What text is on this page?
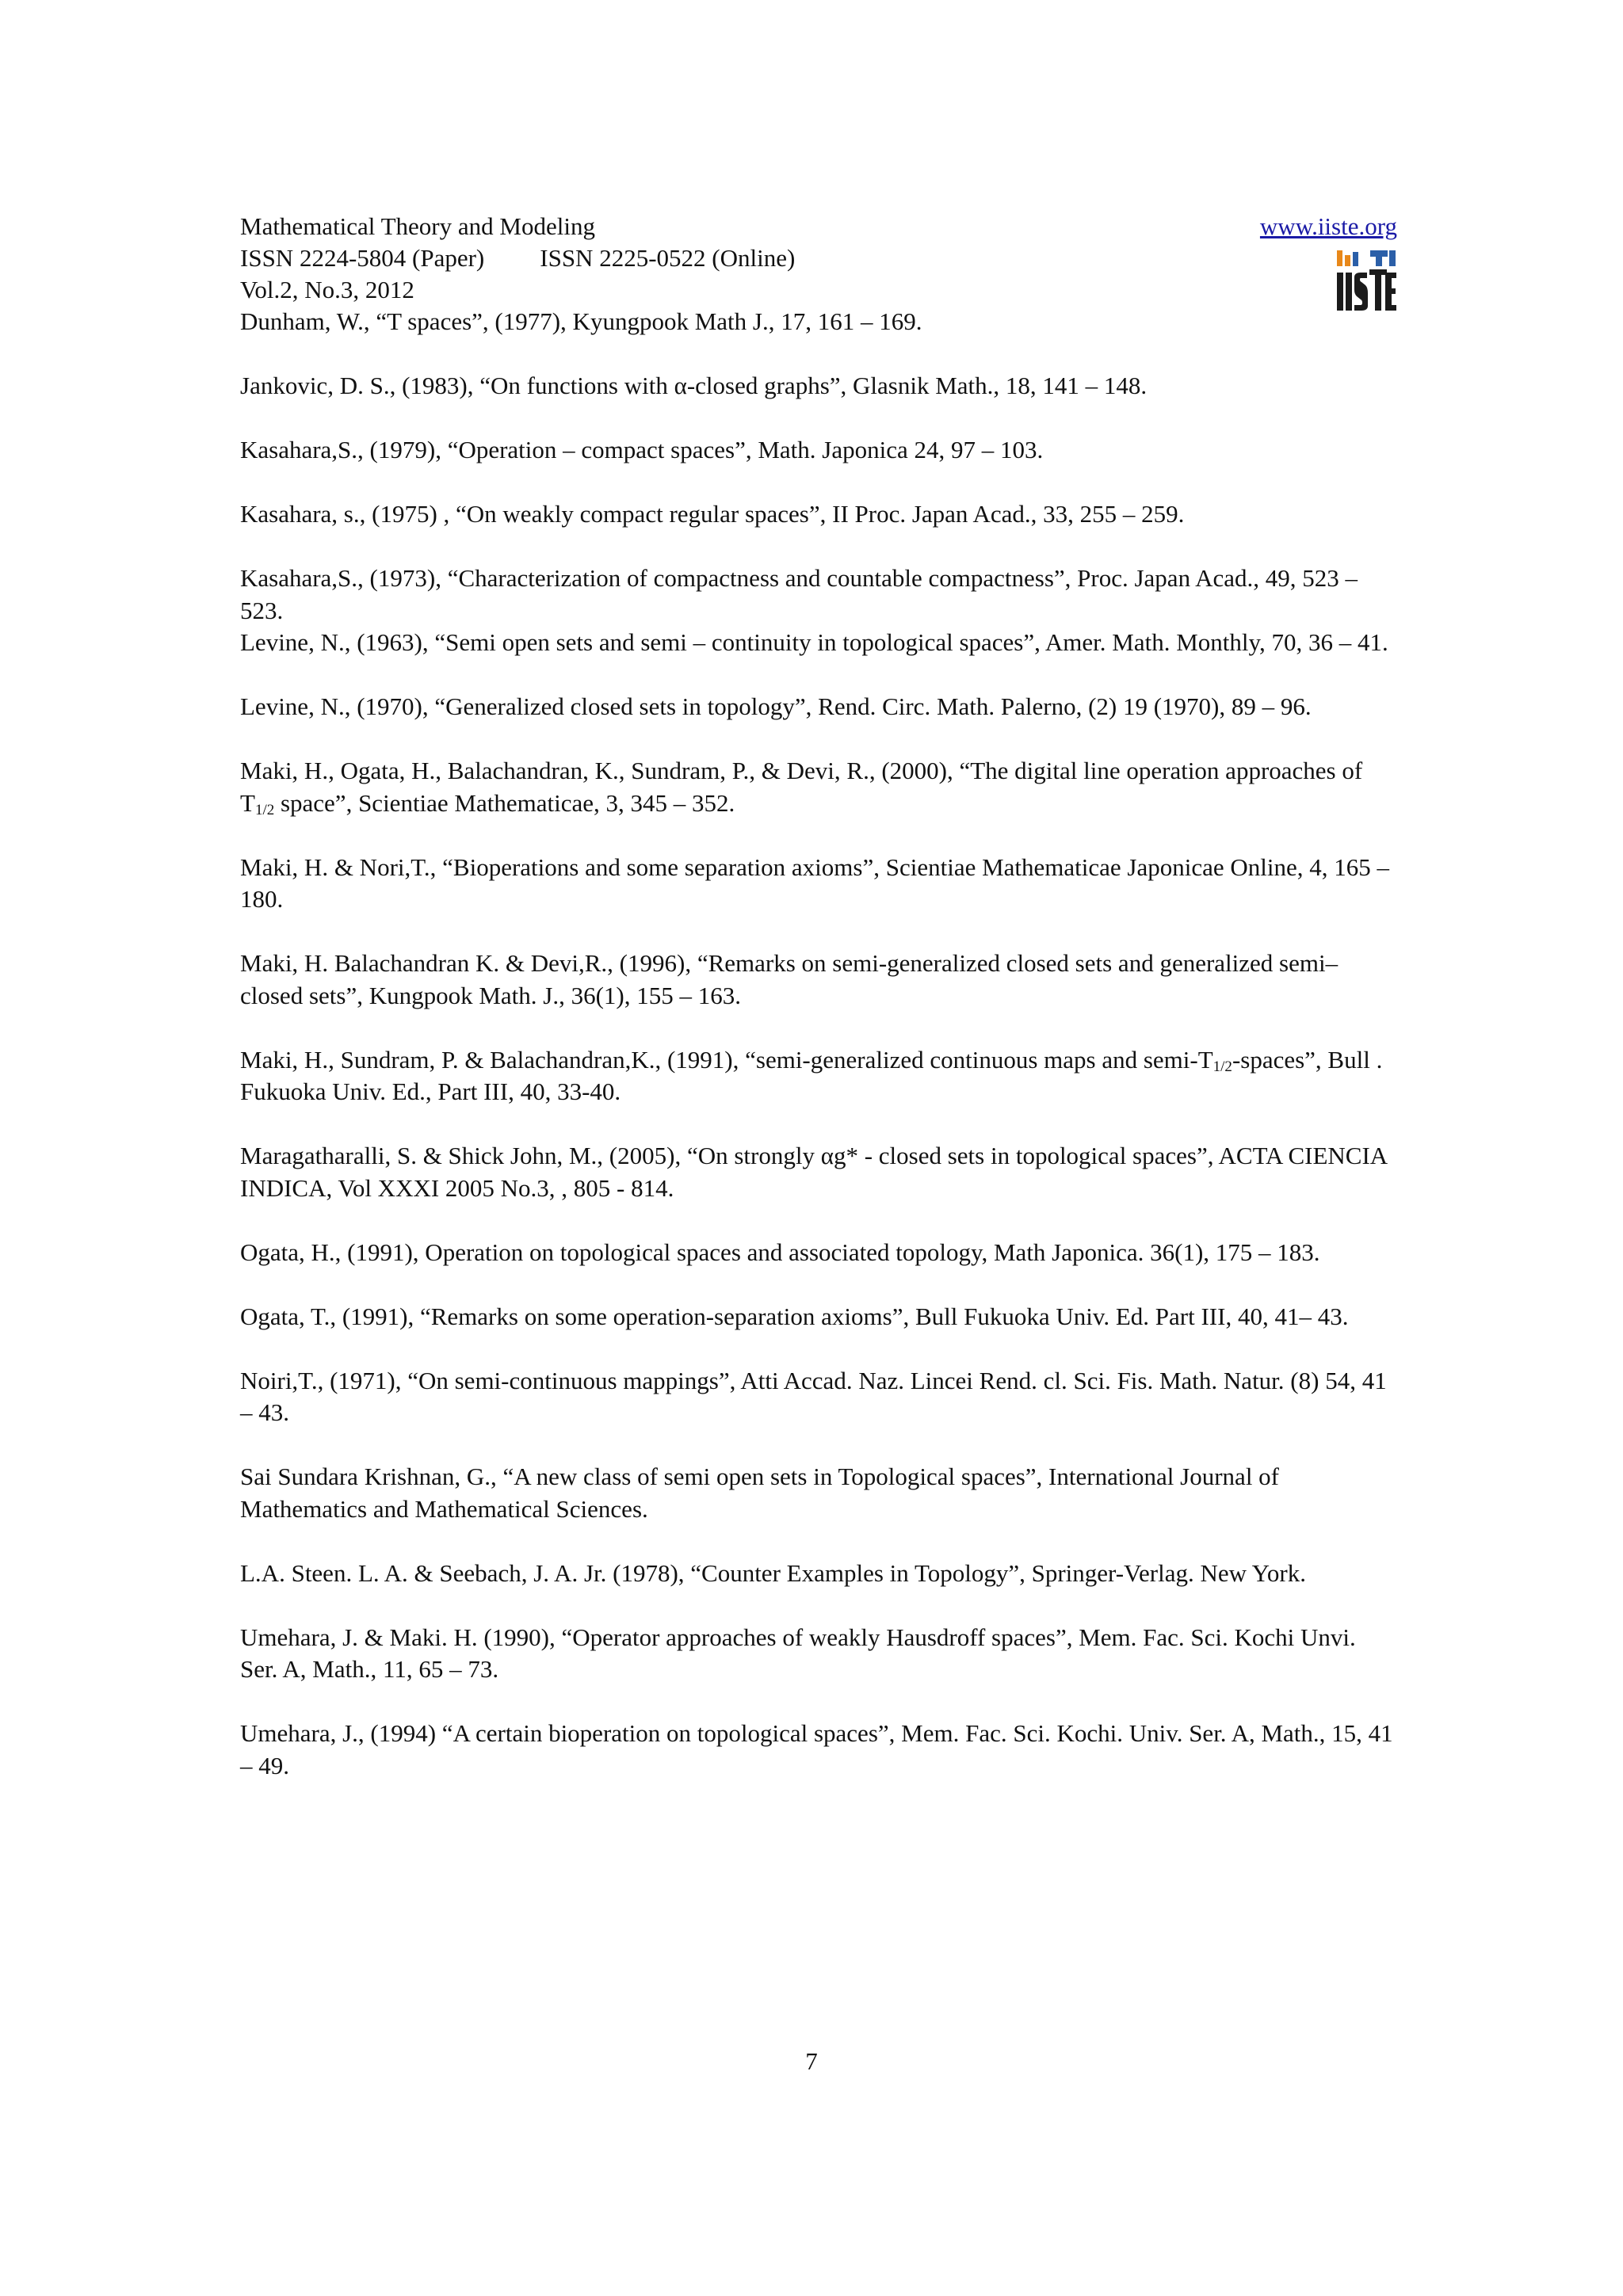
Mathematical Theory and Modeling

ISSN 2224-5804 (Paper) ISSN 2225-0522 (Online)

Vol.2, No.3, 2012

www.iiste.org

Dunham, W., “T spaces”, (1977), Kyungpook Math J., 17, 161 – 169.

Jankovic, D. S., (1983), “On functions with α-closed graphs”, Glasnik Math., 18, 141 – 148.

Kasahara,S., (1979), “Operation – compact spaces”, Math. Japonica 24, 97 – 103.

Kasahara, s., (1975) , “On weakly compact regular spaces”, II Proc. Japan Acad., 33, 255 – 259.

Kasahara,S., (1973), “Characterization of compactness and countable compactness”, Proc. Japan Acad., 49, 523 – 523.

Levine, N., (1963), “Semi open sets and semi – continuity in topological spaces”, Amer. Math. Monthly, 70, 36 – 41.

Levine, N., (1970), “Generalized closed sets in topology”, Rend. Circ. Math. Palerno, (2) 19 (1970), 89 – 96.

Maki, H., Ogata, H., Balachandran, K., Sundram, P., & Devi, R., (2000), “The digital line operation approaches of $T_{1/2}$ space”, Scientiae Mathematicae, 3, 345 – 352.

Maki, H. & Nori,T., “Bioperations and some separation axioms”, Scientiae Mathematicae Japonicae Online, 4, 165 – 180.

Maki, H. Balachandran K. & Devi,R., (1996), “Remarks on semi-generalized closed sets and generalized semi–closed sets”, Kungpook Math. J., 36(1), 155 – 163.

Maki, H., Sundram, P. & Balachandran,K., (1991), “semi-generalized continuous maps and semi-$T_{1/2}$-spaces”, Bull . Fukuoka Univ. Ed., Part III, 40, 33-40.

Maragatharalli, S. & Shick John, M., (2005), “On strongly αg* - closed sets in topological spaces”, ACTA CIENCIA INDICA, Vol XXXI 2005 No.3, , 805 - 814.

Ogata, H., (1991), Operation on topological spaces and associated topology, Math Japonica. 36(1), 175 – 183.

Ogata, T., (1991), “Remarks on some operation-separation axioms”, Bull Fukuoka Univ. Ed. Part III, 40, 41– 43.

Noiri,T., (1971), “On semi-continuous mappings”, Atti Accad. Naz. Lincei Rend. cl. Sci. Fis. Math. Natur. (8) 54, 41 – 43.

Sai Sundara Krishnan, G., “A new class of semi open sets in Topological spaces”, International Journal of Mathematics and Mathematical Sciences.

L.A. Steen. L. A. & Seebach, J. A. Jr. (1978), “Counter Examples in Topology”, Springer-Verlag. New York.

Umehara, J. & Maki. H. (1990), “Operator approaches of weakly Hausdroff spaces”, Mem. Fac. Sci. Kochi Unvi. Ser. A, Math., 11, 65 – 73.

Umehara, J., (1994) “A certain bioperation on topological spaces”, Mem. Fac. Sci. Kochi. Univ. Ser. A, Math., 15, 41 – 49.

7
